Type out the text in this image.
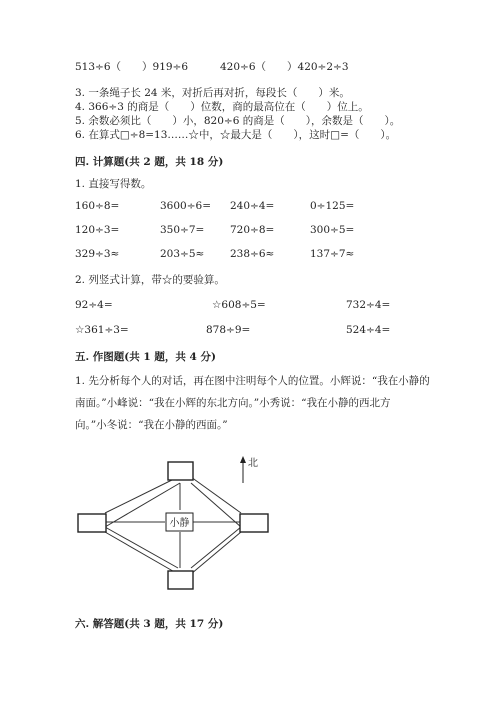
513÷6（　　）919÷6	420÷6（　　）420÷2÷3
3. 一条绳子长 24 米，对折后再对折，每段长（　　）米。
4. 366÷3 的商是（　　）位数，商的最高位在（　　）位上。
5. 余数必须比（　　）小，820÷6 的商是（　　），余数是（　　）。
6. 在算式□÷8=13……☆中，☆最大是（　　），这时□=（　　）。
四. 计算题(共 2 题，共 18 分)
1. 直接写得数。
160÷8=	3600÷6= 240÷4=	0÷125=
120÷3=	350÷7= 720÷8=	300÷5=
329÷3≈	203÷5≈ 238÷6≈	137÷7≈
2. 列竖式计算，带☆的要验算。
92÷4=	☆608÷5=	732÷4=
☆361÷3=	878÷9=	524÷4=
五. 作图题(共 1 题，共 4 分)
1. 先分析每个人的对话，再在图中注明每个人的位置。小辉说：“我在小静的
南面。”小峰说：“我在小辉的东北方向。”小秀说：“我在小静的西北方
向。”小冬说：“我在小静的西面。”
小静
北
六. 解答题(共 3 题，共 17 分)
